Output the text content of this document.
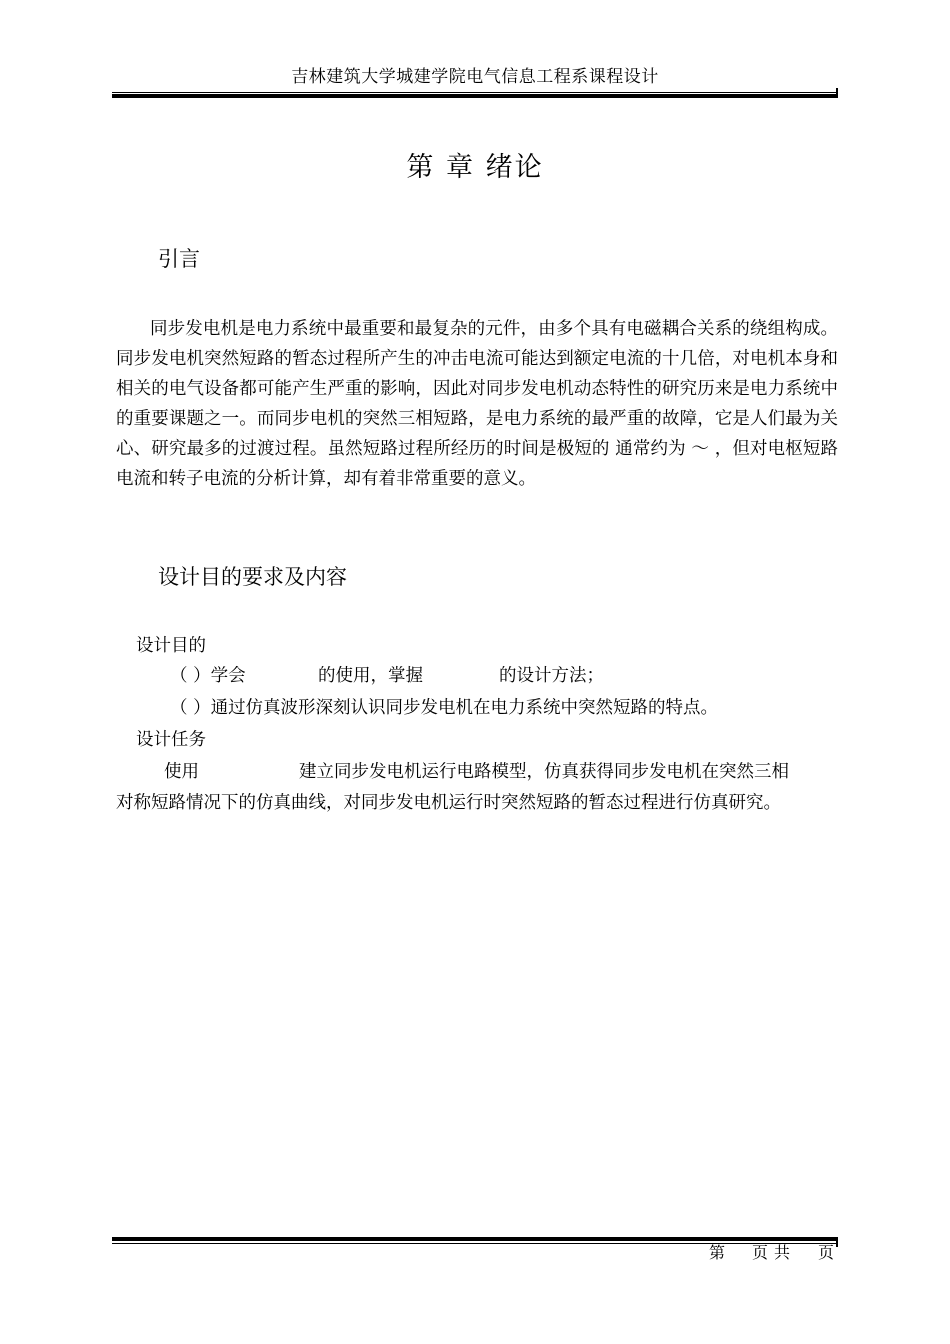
吉林建筑大学城建学院电气信息工程系课程设计
第 章 绪论
引言
同步发电机是电力系统中最重要和最复杂的元件，由多个具有电磁耦合关系的绕组构成。同步发电机突然短路的暂态过程所产生的冲击电流可能达到额定电流的十几倍，对电机本身和相关的电气设备都可能产生严重的影响，因此对同步发电机动态特性的研究历来是电力系统中的重要课题之一。而同步电机的突然三相短路，是电力系统的最严重的故障，它是人们最为关心、研究最多的过渡过程。虽然短路过程所经历的时间是极短的 通常约为 ～ ，但对电枢短路电流和转子电流的分析计算，却有着非常重要的意义。
设计目的要求及内容
设计目的
（ ）学会	的使用，掌握	的设计方法；
（ ）通过仿真波形深刻认识同步发电机在电力系统中突然短路的特点。
设计任务
使用	建立同步发电机运行电路模型，仿真获得同步发电机在突然三相
对称短路情况下的仿真曲线，对同步发电机运行时突然短路的暂态过程进行仿真研究。
第 页共 页
